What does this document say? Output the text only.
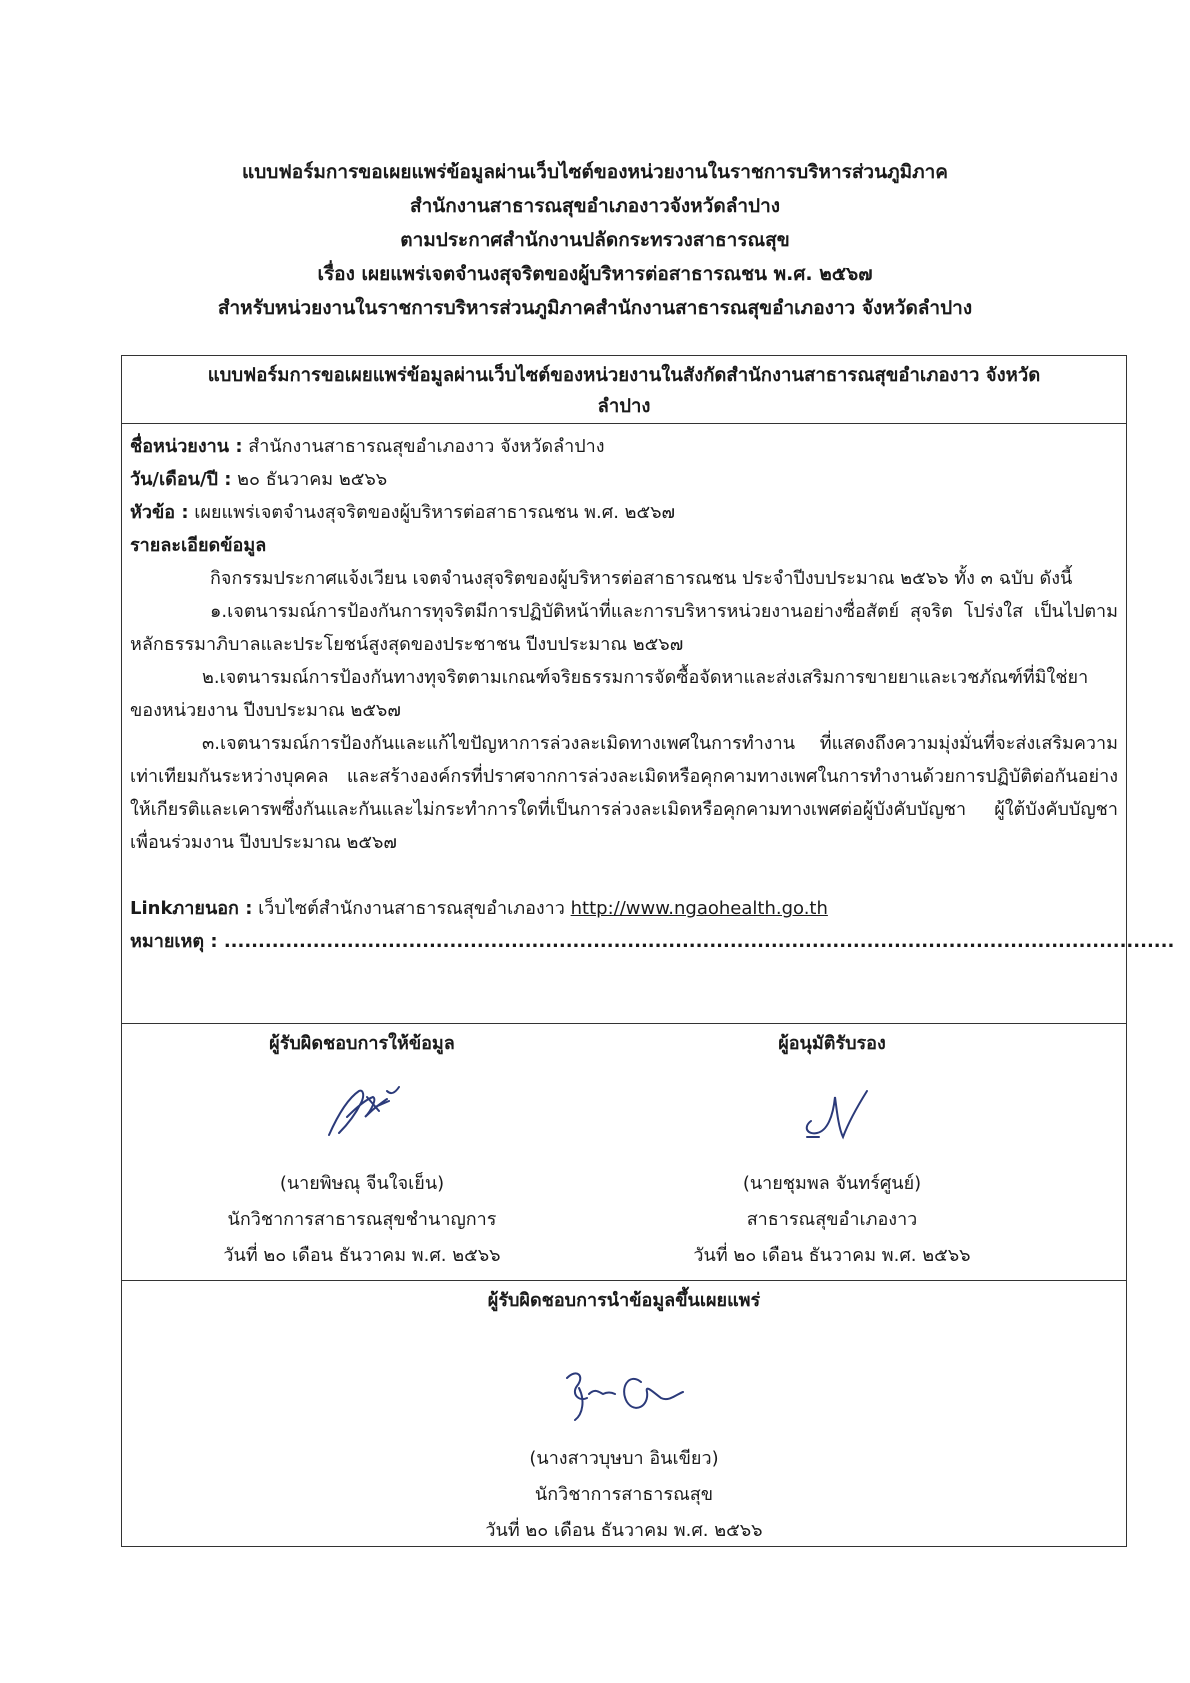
แบบฟอร์มการขอเผยแพร่ข้อมูลผ่านเว็บไซต์ของหน่วยงานในราชการบริหารส่วนภูมิภาค
สำนักงานสาธารณสุขอำเภองาวจังหวัดลำปาง
ตามประกาศสำนักงานปลัดกระทรวงสาธารณสุข
เรื่อง เผยแพร่เจตจำนงสุจริตของผู้บริหารต่อสาธารณชน พ.ศ. ๒๕๖๗
สำหรับหน่วยงานในราชการบริหารส่วนภูมิภาคสำนักงานสาธารณสุขอำเภองาว จังหวัดลำปาง
แบบฟอร์มการขอเผยแพร่ข้อมูลผ่านเว็บไซต์ของหน่วยงานในสังกัดสำนักงานสาธารณสุขอำเภองาว จังหวัด
ลำปาง
ชื่อหน่วยงาน : สำนักงานสาธารณสุขอำเภองาว จังหวัดลำปาง
วัน/เดือน/ปี : ๒๐ ธันวาคม ๒๕๖๖
หัวข้อ : เผยแพร่เจตจำนงสุจริตของผู้บริหารต่อสาธารณชน พ.ศ. ๒๕๖๗
รายละเอียดข้อมูล
กิจกรรมประกาศแจ้งเวียน เจตจำนงสุจริตของผู้บริหารต่อสาธารณชน ประจำปีงบประมาณ ๒๕๖๖ ทั้ง ๓ ฉบับ ดังนี้
๑.เจตนารมณ์การป้องกันการทุจริตมีการปฏิบัติหน้าที่และการบริหารหน่วยงานอย่างซื่อสัตย์ สุจริต โปร่งใส เป็นไปตามหลักธรรมาภิบาลและประโยชน์สูงสุดของประชาชน ปีงบประมาณ ๒๕๖๗
๒.เจตนารมณ์การป้องกันทางทุจริตตามเกณฑ์จริยธรรมการจัดซื้อจัดหาและส่งเสริมการขายยาและเวชภัณฑ์ที่มิใช่ยาของหน่วยงาน ปีงบประมาณ ๒๕๖๗
๓.เจตนารมณ์การป้องกันและแก้ไขปัญหาการล่วงละเมิดทางเพศในการทำงาน ที่แสดงถึงความมุ่งมั่นที่จะส่งเสริมความเท่าเทียมกันระหว่างบุคคล และสร้างองค์กรที่ปราศจากการล่วงละเมิดหรือคุกคามทางเพศในการทำงานด้วยการปฏิบัติต่อกันอย่างให้เกียรติและเคารพซึ่งกันและกันและไม่กระทำการใดที่เป็นการล่วงละเมิดหรือคุกคามทางเพศต่อผู้บังคับบัญชา ผู้ใต้บังคับบัญชา เพื่อนร่วมงาน ปีงบประมาณ ๒๕๖๗
Linkภายนอก : เว็บไซต์สำนักงานสาธารณสุขอำเภองาว http://www.ngaohealth.go.th
หมายเหตุ : ...........................................................................................................................................
ผู้รับผิดชอบการให้ข้อมูล
(นายพิษณุ จีนใจเย็น)
นักวิชาการสาธารณสุขชำนาญการ
วันที่ ๒๐ เดือน ธันวาคม พ.ศ. ๒๕๖๖
ผู้อนุมัติรับรอง
(นายชุมพล จันทร์ศูนย์)
สาธารณสุขอำเภองาว
วันที่ ๒๐ เดือน ธันวาคม พ.ศ. ๒๕๖๖
ผู้รับผิดชอบการนำข้อมูลขึ้นเผยแพร่
(นางสาวบุษบา อินเขียว)
นักวิชาการสาธารณสุข
วันที่ ๒๐ เดือน ธันวาคม พ.ศ. ๒๕๖๖
